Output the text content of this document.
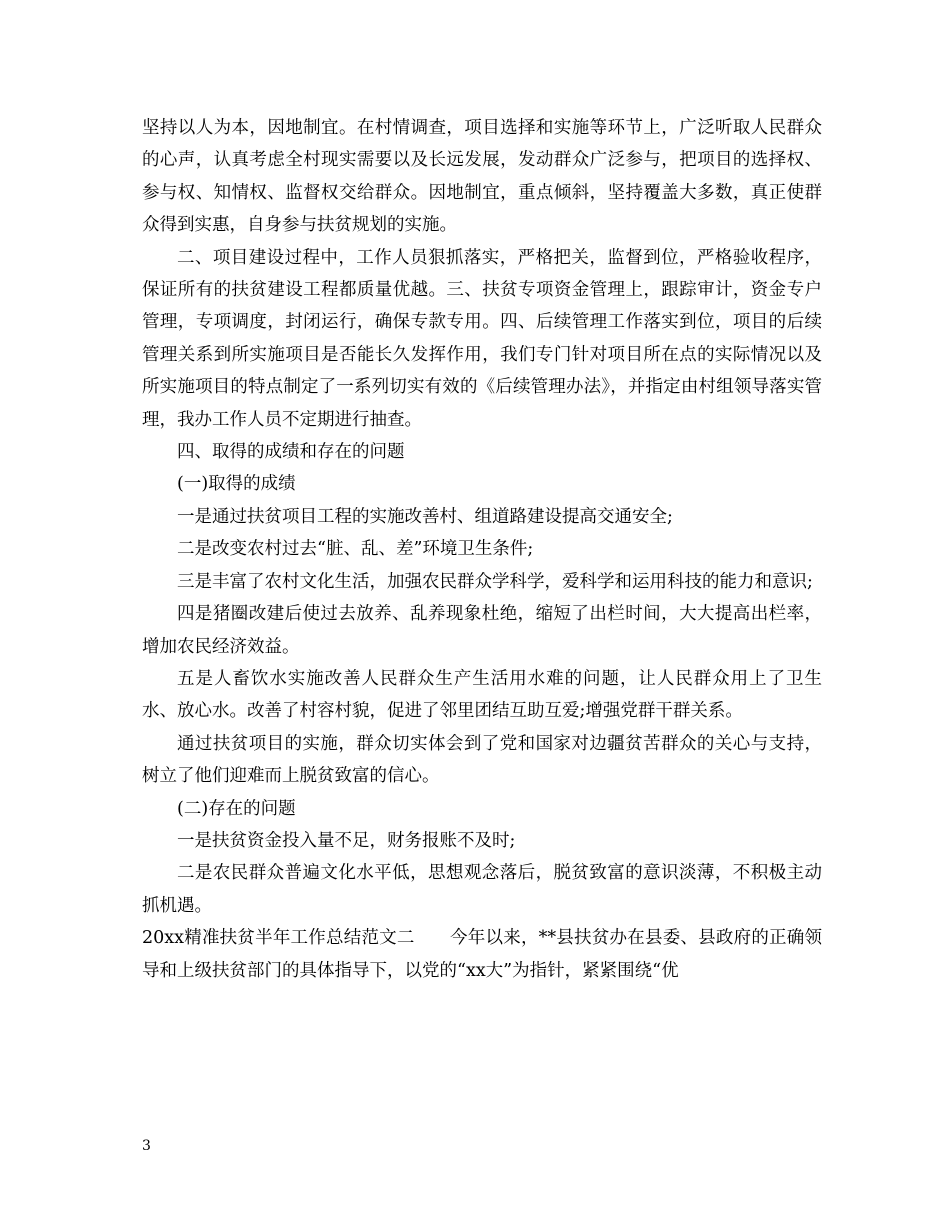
坚持以人为本，因地制宜。在村情调查，项目选择和实施等环节上，广泛听取人民群众的心声，认真考虑全村现实需要以及长远发展，发动群众广泛参与，把项目的选择权、参与权、知情权、监督权交给群众。因地制宜，重点倾斜，坚持覆盖大多数，真正使群众得到实惠，自身参与扶贫规划的实施。

二、项目建设过程中，工作人员狠抓落实，严格把关，监督到位，严格验收程序，保证所有的扶贫建设工程都质量优越。三、扶贫专项资金管理上，跟踪审计，资金专户管理，专项调度，封闭运行，确保专款专用。四、后续管理工作落实到位，项目的后续管理关系到所实施项目是否能长久发挥作用，我们专门针对项目所在点的实际情况以及所实施项目的特点制定了一系列切实有效的《后续管理办法》，并指定由村组领导落实管理，我办工作人员不定期进行抽查。

四、取得的成绩和存在的问题

(一)取得的成绩

一是通过扶贫项目工程的实施改善村、组道路建设提高交通安全;

二是改变农村过去“脏、乱、差”环境卫生条件;

三是丰富了农村文化生活，加强农民群众学科学，爱科学和运用科技的能力和意识;

四是猪圈改建后使过去放养、乱养现象杜绝，缩短了出栏时间，大大提高出栏率，增加农民经济效益。

五是人畜饮水实施改善人民群众生产生活用水难的问题，让人民群众用上了卫生水、放心水。改善了村容村貌，促进了邻里团结互助互爱;增强党群干群关系。

通过扶贫项目的实施，群众切实体会到了党和国家对边疆贫苦群众的关心与支持，树立了他们迎难而上脱贫致富的信心。

(二)存在的问题

一是扶贫资金投入量不足，财务报账不及时;

二是农民群众普遍文化水平低，思想观念落后，脱贫致富的意识淡薄，不积极主动抓机遇。

20xx精准扶贫半年工作总结范文二　　今年以来，**县扶贫办在县委、县政府的正确领导和上级扶贫部门的具体指导下，以党的“xx大”为指针，紧紧围绕“优

3
